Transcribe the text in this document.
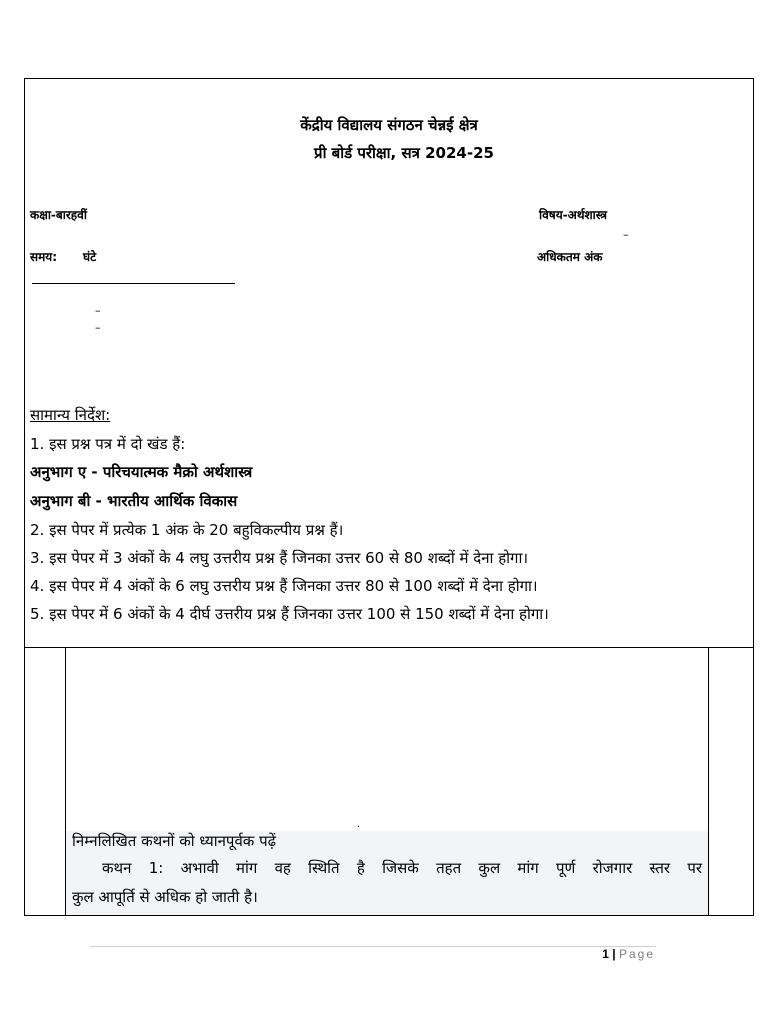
केंद्रीय विद्यालय संगठन चेन्नई क्षेत्र
प्री बोर्ड परीक्षा, सत्र 2024-25
कक्षा-बारहवीं	विषय-अर्थशास्त्र
–
समय: घंटे	अधिकतम अंक
–
–
सामान्य निर्देश:
1. इस प्रश्न पत्र में दो खंड हैं:
अनुभाग ए - परिचयात्मक मैक्रो अर्थशास्त्र
अनुभाग बी - भारतीय आर्थिक विकास
2. इस पेपर में प्रत्येक 1 अंक के 20 बहुविकल्पीय प्रश्न हैं।
3. इस पेपर में 3 अंकों के 4 लघु उत्तरीय प्रश्न हैं जिनका उत्तर 60 से 80 शब्दों में देना होगा।
4. इस पेपर में 4 अंकों के 6 लघु उत्तरीय प्रश्न हैं जिनका उत्तर 80 से 100 शब्दों में देना होगा।
5. इस पेपर में 6 अंकों के 4 दीर्घ उत्तरीय प्रश्न हैं जिनका उत्तर 100 से 150 शब्दों में देना होगा।
.
निम्नलिखित कथनों को ध्यानपूर्वक पढ़ें
कथन 1: अभावी मांग वह स्थिति है जिसके तहत कुल मांग पूर्ण रोजगार स्तर पर
कुल आपूर्ति से अधिक हो जाती है।
1 | Page
